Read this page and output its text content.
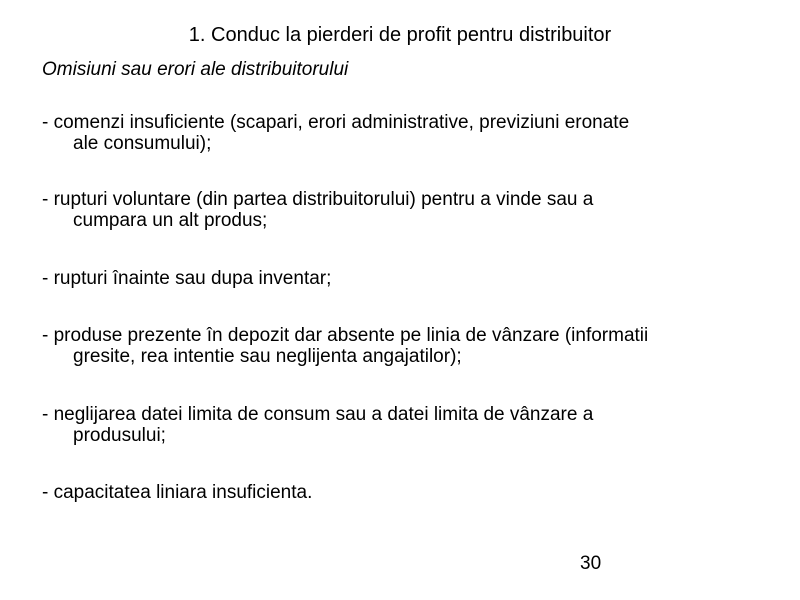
1. Conduc la pierderi de profit pentru distribuitor
Omisiuni sau erori ale distribuitorului
- comenzi insuficiente (scapari, erori administrative, previziuni eronate
ale consumului);
- rupturi voluntare (din partea distribuitorului) pentru a vinde sau a
cumpara un alt produs;
- rupturi înainte sau dupa inventar;
- produse prezente în depozit dar absente pe linia de vânzare (informatii
gresite, rea intentie sau neglijenta angajatilor);
- neglijarea datei limita de consum sau a datei limita de vânzare a
produsului;
- capacitatea liniara insuficienta.
30
